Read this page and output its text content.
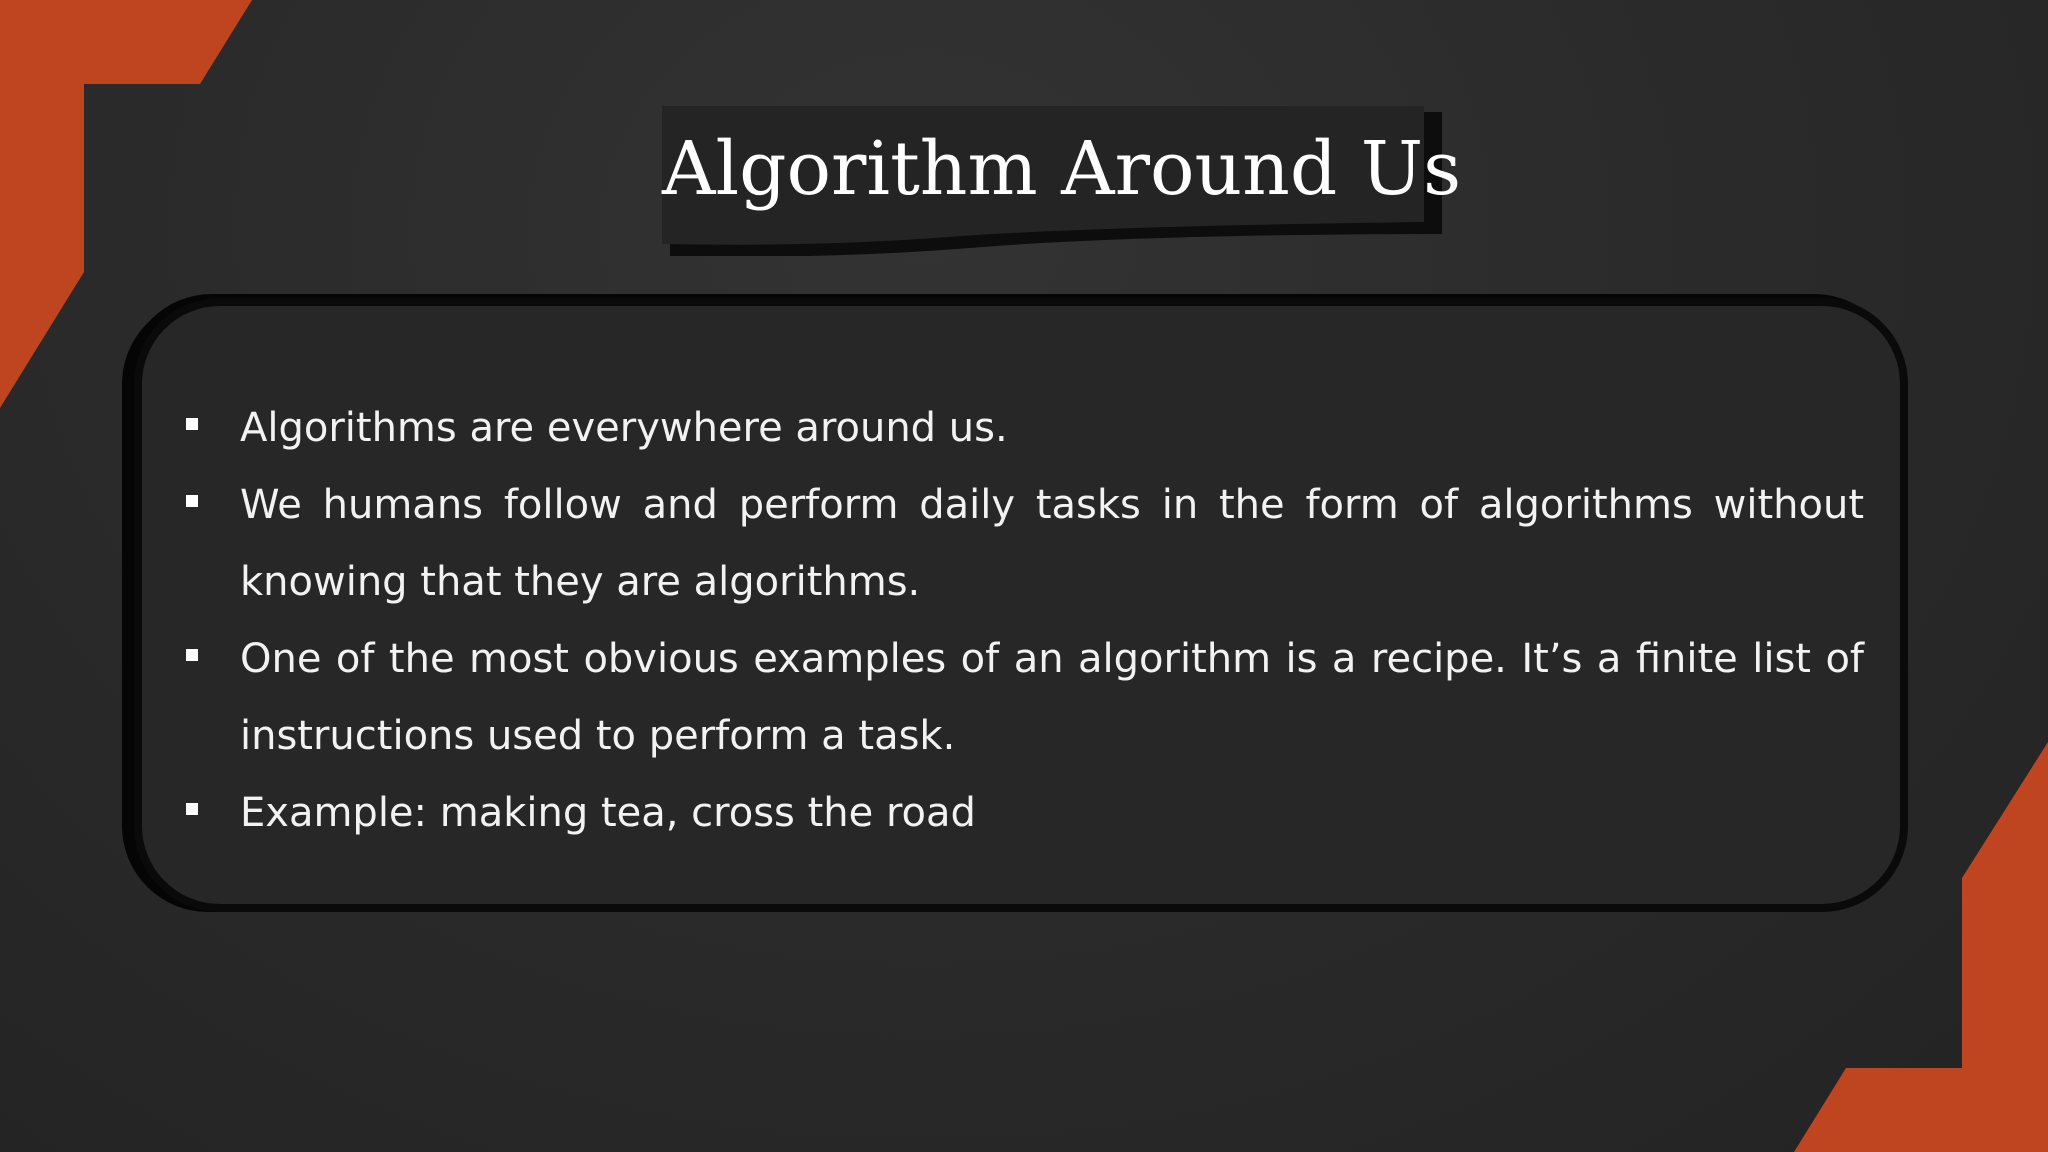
Algorithm Around Us
Algorithms are everywhere around us.
We humans follow and perform daily tasks in the form of algorithms without knowing that they are algorithms.
One of the most obvious examples of an algorithm is a recipe. It’s a finite list of instructions used to perform a task.
Example: making tea, cross the road
